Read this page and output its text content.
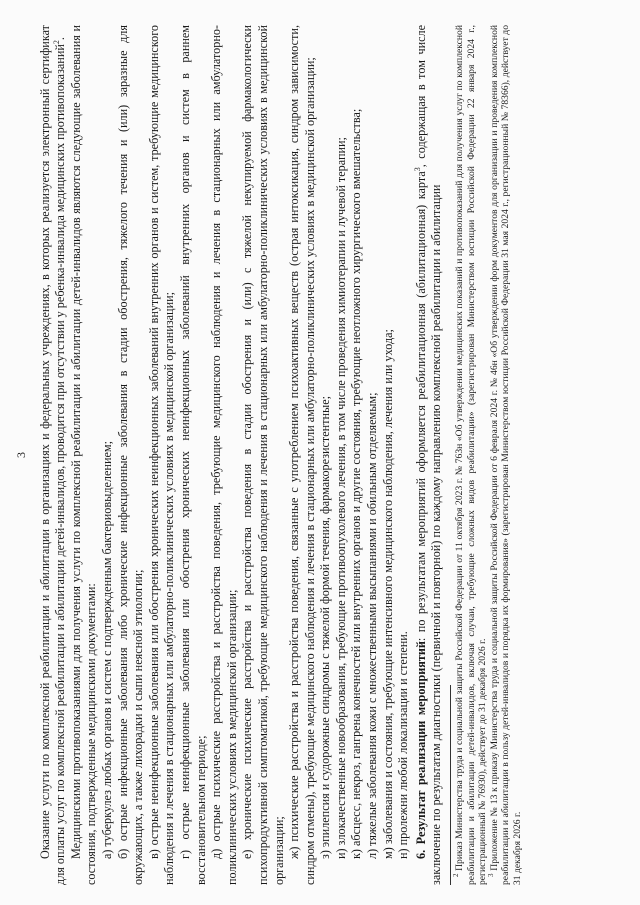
3 Оказание услуги по комплексной реабилитации и абилитации в организациях и федеральных учреждениях, в которых реализуется электронный сертификат для оплаты услуг по комплексной реабилитации и абилитации детей-инвалидов, проводится при отсутствии у ребенка-инвалида медицинских противопоказаний$^2$. Медицинскими противопоказаниями для получения услуги по комплексной реабилитации и абилитации детей-инвалидов являются следующие заболевания и состояния, подтвержденные медицинскими документами: а) туберкулез любых органов и систем с подтвержденным бактериовыделением; б) острые инфекционные заболевания либо хронические инфекционные заболевания в стадии обострения, тяжелого течения и (или) заразные для окружающих, а также лихорадки и сыпи неясной этиологии; в) острые неинфекционные заболевания или обострения хронических неинфекционных заболеваний внутренних органов и систем, требующие медицинского наблюдения и лечения в стационарных или амбулаторно-поликлинических условиях в медицинской организации; г) острые неинфекционные заболевания или обострения хронических неинфекционных заболеваний внутренних органов и систем в раннем восстановительном периоде; д) острые психические расстройства и расстройства поведения, требующие медицинского наблюдения и лечения в стационарных или амбулаторно-поликлинических условиях в медицинской организации; е) хронические психические расстройства и расстройства поведения в стадии обострения и (или) с тяжелой некупируемой фармакологически психопродуктивной симптоматикой, требующие медицинского наблюдения и лечения в стационарных или амбулаторно-поликлинических условиях в медицинской организации; ж) психические расстройства и расстройства поведения, связанные с употреблением психоактивных веществ (острая интоксикация, синдром зависимости, синдром отмены), требующие медицинского наблюдения и лечения в стационарных или амбулаторно-поликлинических условиях в медицинской организации; з) эпилепсия и судорожные синдромы с тяжелой формой течения, фармакорезистентные; и) злокачественные новообразования, требующие противоопухолевого лечения, в том числе проведения химиотерапии и лучевой терапии; к) абсцесс, некроз, гангрена конечностей или внутренних органов и другие состояния, требующие неотложного хирургического вмешательства; л) тяжелые заболевания кожи с множественными высыпаниями и обильным отделяемым; м) заболевания и состояния, требующие интенсивного медицинского наблюдения, лечения или ухода; н) пролежни любой локализации и степени. 6. Результат реализации мероприятий: по результатам мероприятий оформляется реабилитационная (абилитационная) карта$^3$, содержащая в том числе заключение по результатам диагностики (первичной и повторной) по каждому направлению комплексной реабилитации и абилитации $^2$ Приказ Министерства труда и социальной защиты Российской Федерации от 11 октября 2023 г. № 763н «Об утверждении медицинских показаний и противопоказаний для получения услуг по комплексной реабилитации и абилитации детей-инвалидов, включая случаи, требующие сложных видов реабилитации» (зарегистрирован Министерством юстиции Российской Федерации 22 января 2024 г., регистрационный № 76930), действует до 31 декабря 2026 г.

$^3$ Приложение № 13 к приказу Министерства труда и социальной защиты Российской Федерации от 6 февраля 2024 г. № 46н «Об утверждении форм документов для организации и проведения комплексной реабилитации и абилитации в пользу детей-инвалидов и порядка их формирования» (зарегистрирован Министерством юстиции Российской Федерации 31 мая 2024 г., регистрационный № 78366), действует до 31 декабря 2026 г.
